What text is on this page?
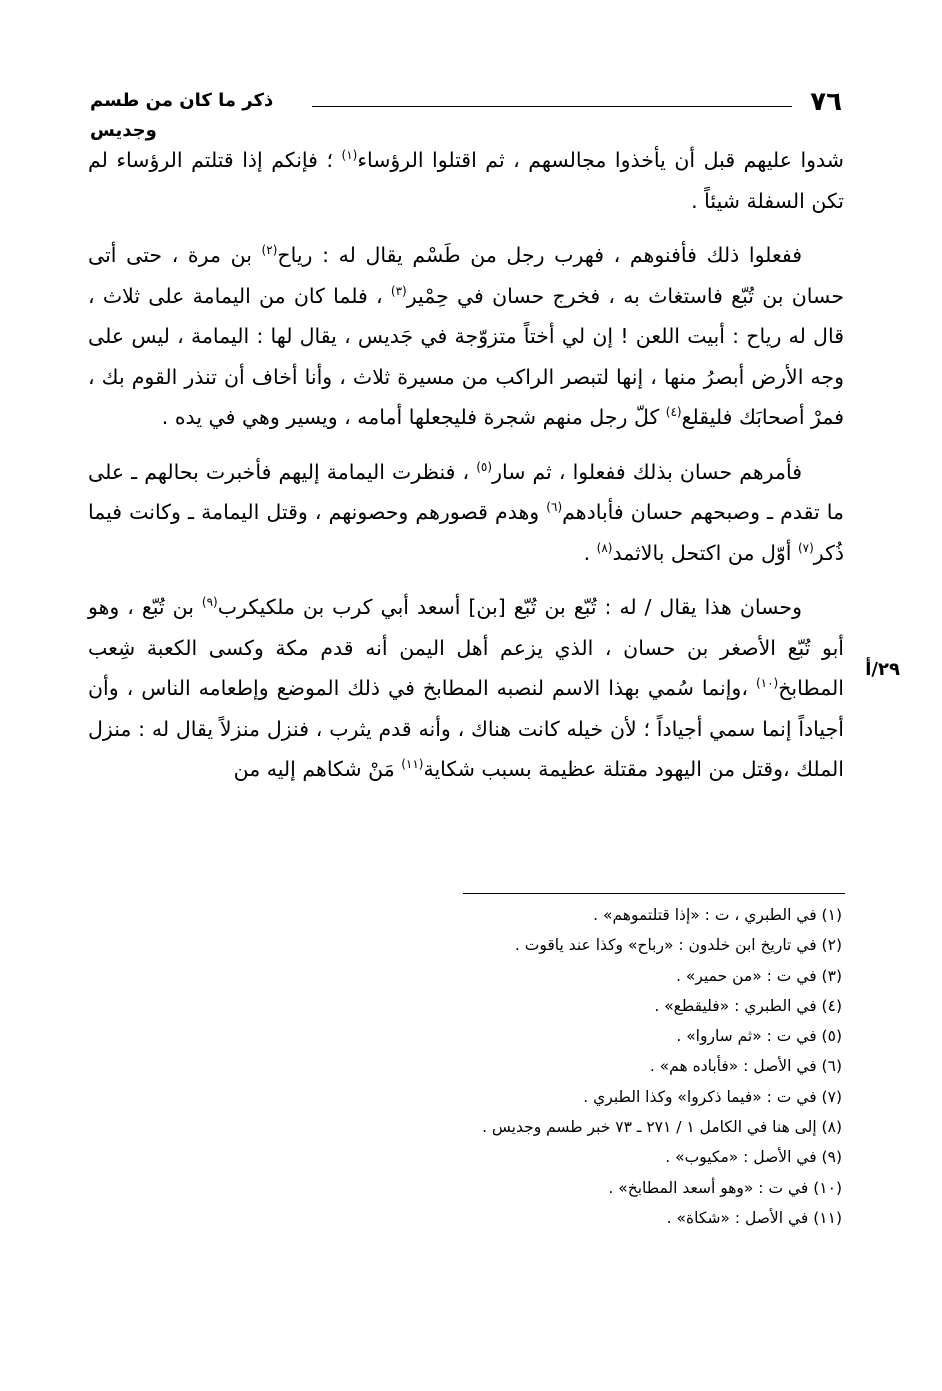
٧٦
ذكر ما كان من طسم وجديس
٢٩/أ

شدوا عليهم قبل أن يأخذوا مجالسهم ، ثم اقتلوا الرؤساء$^{(١)}$ ؛ فإنكم إذا قتلتم الرؤساء لم تكن السفلة شيئاً .

ففعلوا ذلك فأفنوهم ، فهرب رجل من طَسْم يقال له : رياح$^{(٢)}$ بن مرة ، حتى أتى حسان بن تُبّع فاستغاث به ، فخرج حسان في حِمْير$^{(٣)}$ ، فلما كان من اليمامة على ثلاث ، قال له رياح : أبيت اللعن ! إن لي أختاً متزوّجة في جَديس ، يقال لها : اليمامة ، ليس على وجه الأرض أبصرُ منها ، إنها لتبصر الراكب من مسيرة ثلاث ، وأنا أخاف أن تنذر القوم بك ، فمرْ أصحابَك فليقلع$^{(٤)}$ كلّ رجل منهم شجرة فليجعلها أمامه ، ويسير وهي في يده .

فأمرهم حسان بذلك ففعلوا ، ثم سار$^{(٥)}$ ، فنظرت اليمامة إليهم فأخبرت بحالهم ـ على ما تقدم ـ وصبحهم حسان فأبادهم$^{(٦)}$ وهدم قصورهم وحصونهم ، وقتل اليمامة ـ وكانت فيما ذُكر$^{(٧)}$ أوّل من اكتحل بالاثمد$^{(٨)}$ .

وحسان هذا يقال / له : تُبّع بن تُبّع [بن] أسعد أبي كرب بن ملكيكرب$^{(٩)}$ بن تُبّع ، وهو أبو تُبّع الأصغر بن حسان ، الذي يزعم أهل اليمن أنه قدم مكة وكسى الكعبة شِعب المطابخ$^{(١٠)}$ ،وإنما سُمي بهذا الاسم لنصبه المطابخ في ذلك الموضع وإطعامه الناس ، وأن أجياداً إنما سمي أجياداً ؛ لأن خيله كانت هناك ، وأنه قدم يثرب ، فنزل منزلاً يقال له : منزل الملك ،وقتل من اليهود مقتلة عظيمة بسبب شكاية$^{(١١)}$ مَنْ شكاهم إليه من

(١) في الطبري ، ت : «إذا قتلتموهم» .
(٢) في تاريخ ابن خلدون : «رباح» وكذا عند ياقوت .
(٣) في ت : «من حمير» .
(٤) في الطبري : «فليقطع» .
(٥) في ت : «ثم ساروا» .
(٦) في الأصل : «فأباده هم» .
(٧) في ت : «فيما ذكروا» وكذا الطبري .
(٨) إلى هنا في الكامل ١ / ٢٧١ ـ ٧٣ خبر طسم وجديس .
(٩) في الأصل : «مكيوب» .
(١٠) في ت : «وهو أسعد المطابخ» .
(١١) في الأصل : «شكاة» .
